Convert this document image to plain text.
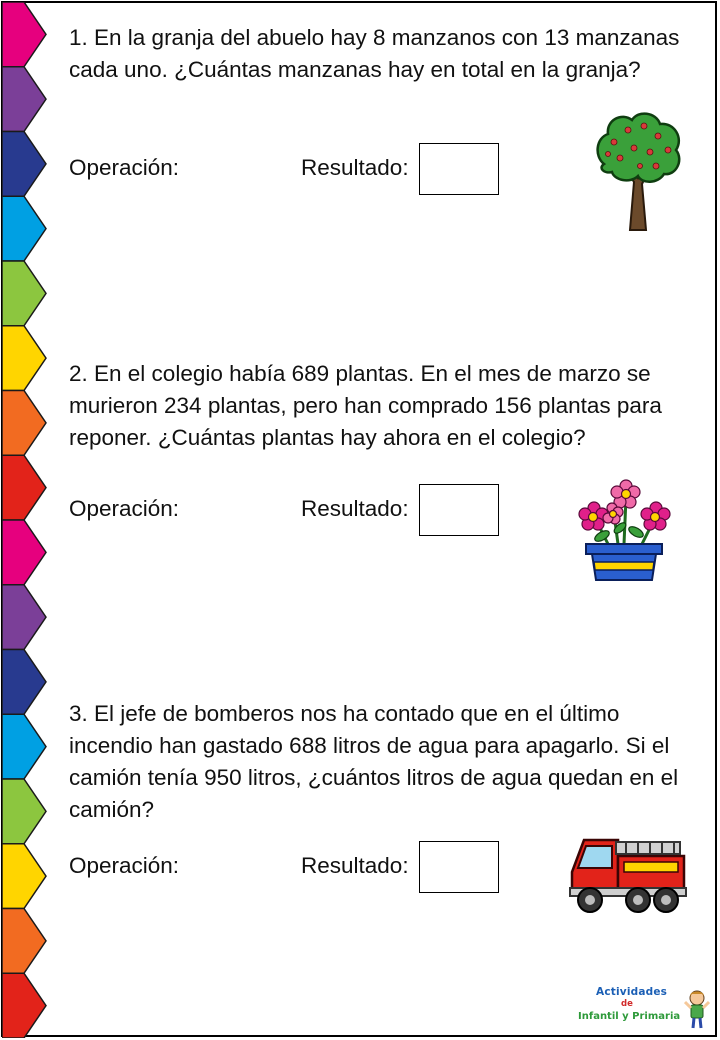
1. En la granja del abuelo hay 8 manzanos con 13 manzanas cada uno. ¿Cuántas manzanas hay en total en la granja?

Operación:	Resultado:

2. En el colegio había 689 plantas. En el mes de marzo se murieron 234 plantas, pero han comprado 156 plantas para reponer. ¿Cuántas plantas hay ahora en el colegio?

Operación:	Resultado:

3. El jefe de bomberos nos ha contado que en el último incendio han gastado 688 litros de agua para apagarlo. Si el camión tenía 950 litros, ¿cuántos litros de agua quedan en el camión?

Operación:	Resultado:
Actividades
de
Infantil y Primaria
